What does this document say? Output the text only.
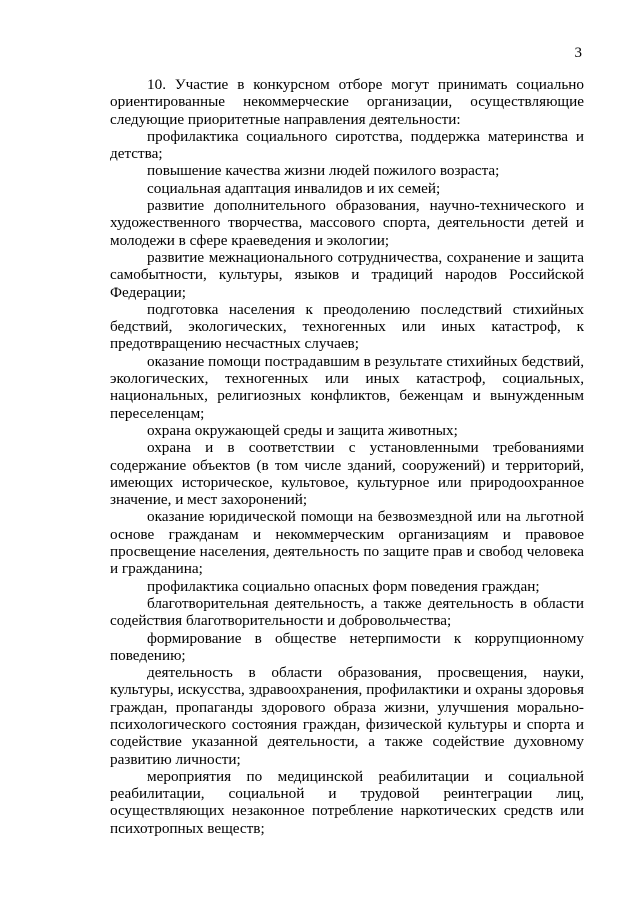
3

10. Участие в конкурсном отборе могут принимать социально ориентированные некоммерческие организации, осуществляющие следующие приоритетные направления деятельности:

профилактика социального сиротства, поддержка материнства и детства;

повышение качества жизни людей пожилого возраста;

социальная адаптация инвалидов и их семей;

развитие дополнительного образования, научно-технического и художественного творчества, массового спорта, деятельности детей и молодежи в сфере краеведения и экологии;

развитие межнационального сотрудничества, сохранение и защита самобытности, культуры, языков и традиций народов Российской Федерации;

подготовка населения к преодолению последствий стихийных бедствий, экологических, техногенных или иных катастроф, к предотвращению несчастных случаев;

оказание помощи пострадавшим в результате стихийных бедствий, экологических, техногенных или иных катастроф, социальных, национальных, религиозных конфликтов, беженцам и вынужденным переселенцам;

охрана окружающей среды и защита животных;

охрана и в соответствии с установленными требованиями содержание объектов (в том числе зданий, сооружений) и территорий, имеющих историческое, культовое, культурное или природоохранное значение, и мест захоронений;

оказание юридической помощи на безвозмездной или на льготной основе гражданам и некоммерческим организациям и правовое просвещение населения, деятельность по защите прав и свобод человека и гражданина;

профилактика социально опасных форм поведения граждан;

благотворительная деятельность, а также деятельность в области содействия благотворительности и добровольчества;

формирование в обществе нетерпимости к коррупционному поведению;

деятельность в области образования, просвещения, науки, культуры, искусства, здравоохранения, профилактики и охраны здоровья граждан, пропаганды здорового образа жизни, улучшения морально-психологического состояния граждан, физической культуры и спорта и содействие указанной деятельности, а также содействие духовному развитию личности;

мероприятия по медицинской реабилитации и социальной реабилитации, социальной и трудовой реинтеграции лиц, осуществляющих незаконное потребление наркотических средств или психотропных веществ;
